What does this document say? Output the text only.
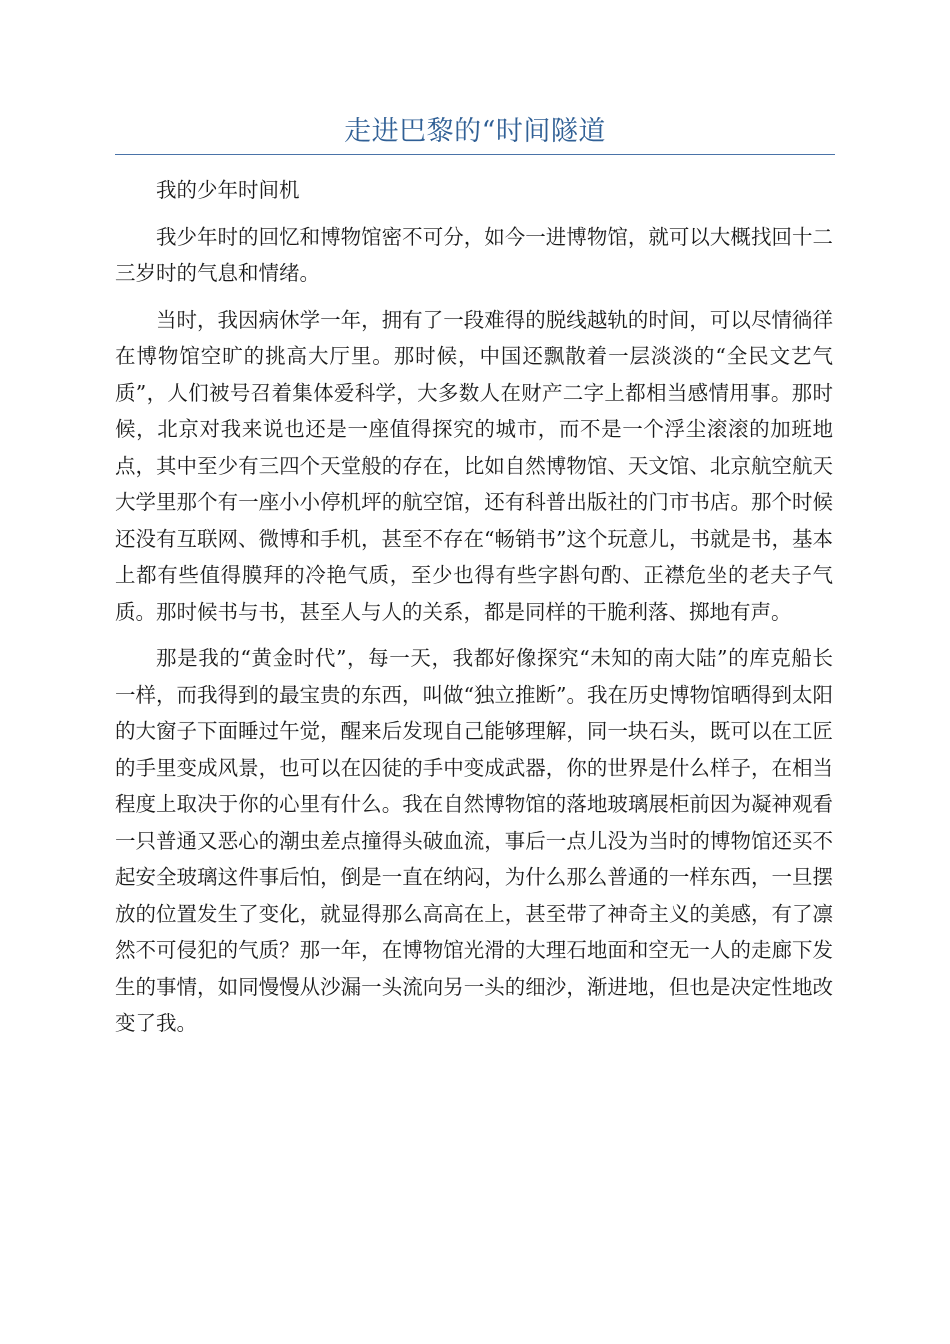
走进巴黎的“时间隧道

我的少年时间机

我少年时的回忆和博物馆密不可分，如今一进博物馆，就可以大概找回十二三岁时的气息和情绪。

当时，我因病休学一年，拥有了一段难得的脱线越轨的时间，可以尽情徜徉在博物馆空旷的挑高大厅里。那时候，中国还飘散着一层淡淡的“全民文艺气质”，人们被号召着集体爱科学，大多数人在财产二字上都相当感情用事。那时候，北京对我来说也还是一座值得探究的城市，而不是一个浮尘滚滚的加班地点，其中至少有三四个天堂般的存在，比如自然博物馆、天文馆、北京航空航天大学里那个有一座小小停机坪的航空馆，还有科普出版社的门市书店。那个时候还没有互联网、微博和手机，甚至不存在“畅销书”这个玩意儿，书就是书，基本上都有些值得膜拜的冷艳气质，至少也得有些字斟句酌、正襟危坐的老夫子气质。那时候书与书，甚至人与人的关系，都是同样的干脆利落、掷地有声。

那是我的“黄金时代”，每一天，我都好像探究“未知的南大陆”的库克船长一样，而我得到的最宝贵的东西，叫做“独立推断”。我在历史博物馆晒得到太阳的大窗子下面睡过午觉，醒来后发现自己能够理解，同一块石头，既可以在工匠的手里变成风景，也可以在囚徒的手中变成武器，你的世界是什么样子，在相当程度上取决于你的心里有什么。我在自然博物馆的落地玻璃展柜前因为凝神观看一只普通又恶心的潮虫差点撞得头破血流，事后一点儿没为当时的博物馆还买不起安全玻璃这件事后怕，倒是一直在纳闷，为什么那么普通的一样东西，一旦摆放的位置发生了变化，就显得那么高高在上，甚至带了神奇主义的美感，有了凛然不可侵犯的气质？那一年，在博物馆光滑的大理石地面和空无一人的走廊下发生的事情，如同慢慢从沙漏一头流向另一头的细沙，渐进地，但也是决定性地改变了我。
